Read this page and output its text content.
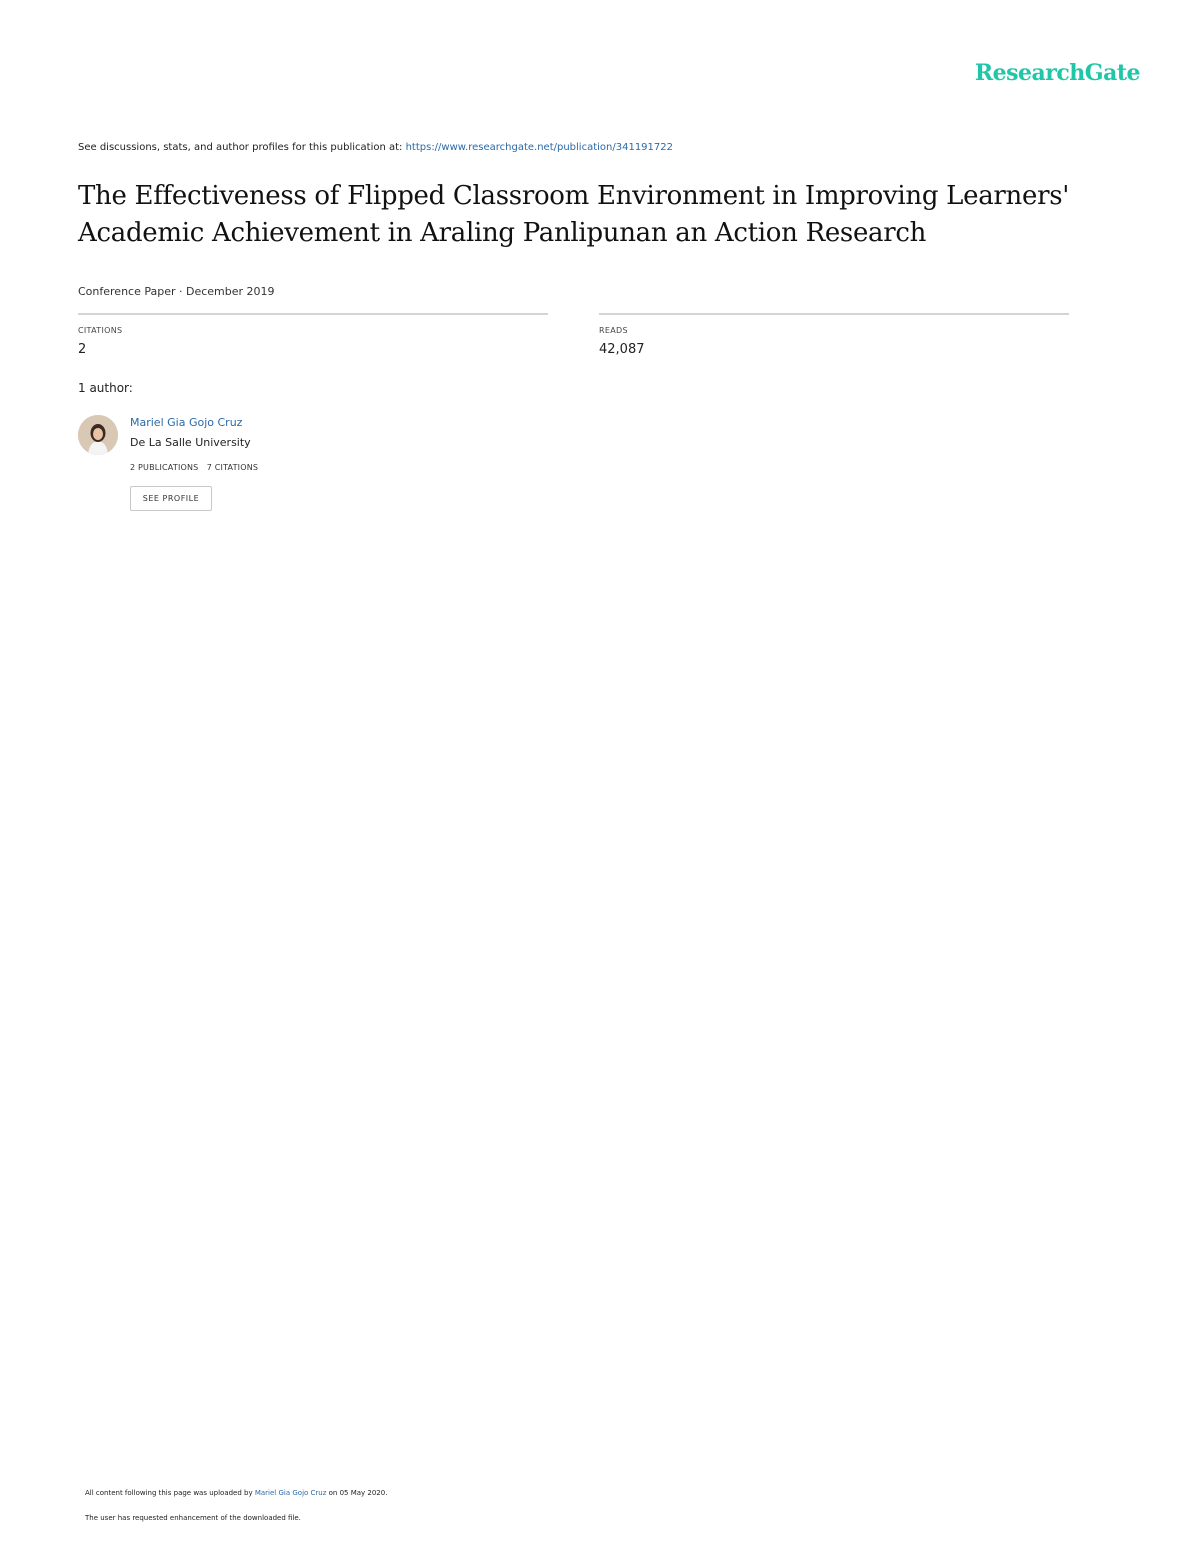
ResearchGate
See discussions, stats, and author profiles for this publication at: https://www.researchgate.net/publication/341191722
The Effectiveness of Flipped Classroom Environment in Improving Learners' Academic Achievement in Araling Panlipunan an Action Research
Conference Paper · December 2019
CITATIONS
2
READS
42,087
1 author:
Mariel Gia Gojo Cruz
De La Salle University
2 PUBLICATIONS 7 CITATIONS
SEE PROFILE
All content following this page was uploaded by Mariel Gia Gojo Cruz on 05 May 2020.
The user has requested enhancement of the downloaded file.
